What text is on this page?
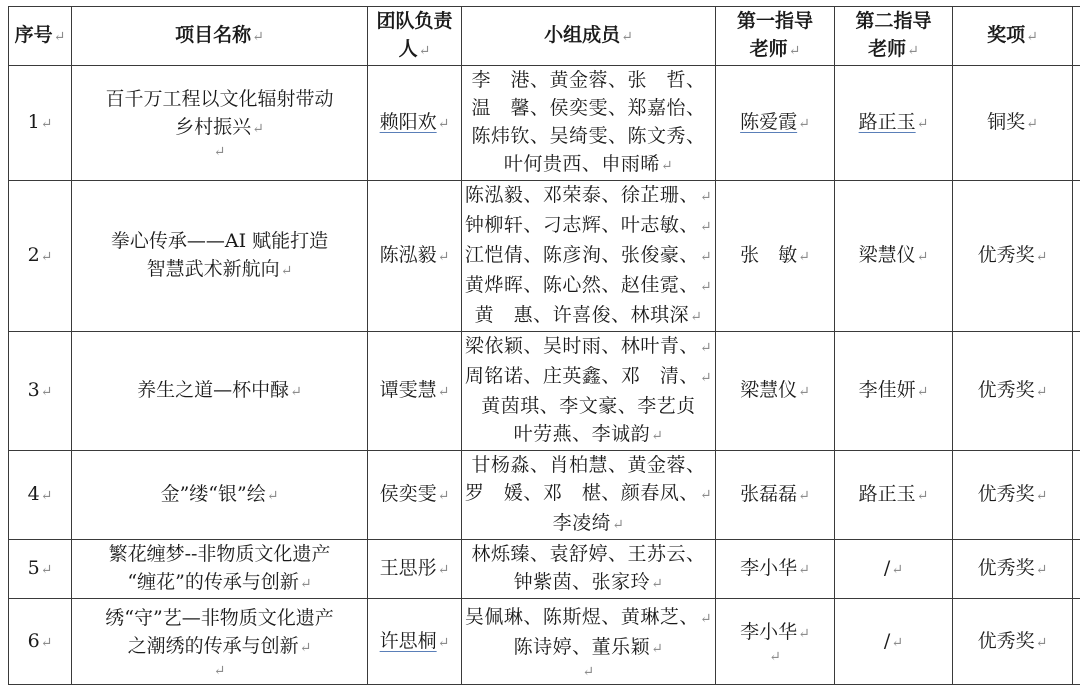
序号↵	项目名称↵	团队负责
人↵	小组成员↵	第一指导
老师↵	第二指导
老师↵	奖项↵	
1↵	百千万工程以文化辐射带动
乡村振兴↵
↵	赖阳欢↵	李　港、黄金蓉、张　哲、
温　馨、侯奕雯、郑嘉怡、
陈炜钦、吴绮雯、陈文秀、
叶何贵西、申雨晞↵	陈爱霞↵	路正玉↵	铜奖↵	
2↵	拳心传承——AI 赋能打造
智慧武术新航向↵	陈泓毅↵	陈泓毅、邓荣泰、徐芷珊、↵
钟柳轩、刁志辉、叶志敏、↵
江恺倩、陈彦洵、张俊豪、↵
黄烨晖、陈心然、赵佳霓、↵
黄　惠、许喜俊、林琪深↵	张　敏↵	梁慧仪↵	优秀奖↵	
3↵	养生之道—杯中醁↵	谭雯慧↵	梁依颖、吴时雨、林叶青、↵
周铭诺、庄英鑫、邓　清、↵
黄茵琪、李文豪、李艺贞
叶劳燕、李诚韵↵	梁慧仪↵	李佳妍↵	优秀奖↵	
4↵	金”缕“银”绘↵	侯奕雯↵	甘杨淼、肖柏慧、黄金蓉、
罗　媛、邓　椹、颜春凤、↵
李凌绮↵	张磊磊↵	路正玉↵	优秀奖↵	
5↵	繁花缠梦--非物质文化遗产
“缠花”的传承与创新↵	王思彤↵	林烁臻、袁舒婷、王苏云、
钟紫茵、张家玲↵	李小华↵	/↵	优秀奖↵	
6↵	绣“守”艺—非物质文化遗产
之潮绣的传承与创新↵
↵	许思桐↵	吴佩琳、陈斯煜、黄琳芝、↵
陈诗婷、董乐颖↵
↵	李小华↵
↵	/↵	优秀奖↵	
